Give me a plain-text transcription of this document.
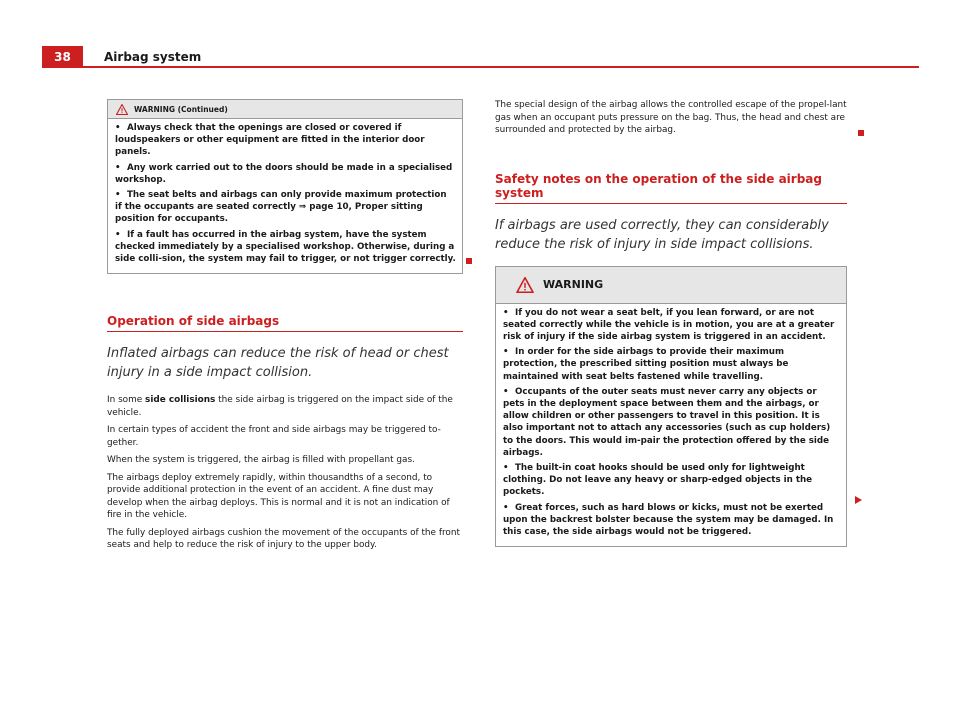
38	Airbag system
WARNING (Continued)

• Always check that the openings are closed or covered if loudspeakers or other equipment are fitted in the interior door panels.

• Any work carried out to the doors should be made in a specialised workshop.

• The seat belts and airbags can only provide maximum protection if the occupants are seated correctly ⇒ page 10, Proper sitting position for occupants.

• If a fault has occurred in the airbag system, have the system checked immediately by a specialised workshop. Otherwise, during a side colli-sion, the system may fail to trigger, or not trigger correctly.

Operation of side airbags

Inflated airbags can reduce the risk of head or chest injury in a side impact collision.

In some side collisions the side airbag is triggered on the impact side of the vehicle.

In certain types of accident the front and side airbags may be triggered to-gether.

When the system is triggered, the airbag is filled with propellant gas.

The airbags deploy extremely rapidly, within thousandths of a second, to provide additional protection in the event of an accident. A fine dust may develop when the airbag deploys. This is normal and it is not an indication of fire in the vehicle.

The fully deployed airbags cushion the movement of the occupants of the front seats and help to reduce the risk of injury to the upper body.

The special design of the airbag allows the controlled escape of the propel-lant gas when an occupant puts pressure on the bag. Thus, the head and chest are surrounded and protected by the airbag.

Safety notes on the operation of the side airbag system

If airbags are used correctly, they can considerably reduce the risk of injury in side impact collisions.

WARNING

• If you do not wear a seat belt, if you lean forward, or are not seated correctly while the vehicle is in motion, you are at a greater risk of injury if the side airbag system is triggered in an accident.

• In order for the side airbags to provide their maximum protection, the prescribed sitting position must always be maintained with seat belts fastened while travelling.

• Occupants of the outer seats must never carry any objects or pets in the deployment space between them and the airbags, or allow children or other passengers to travel in this position. It is also important not to attach any accessories (such as cup holders) to the doors. This would im-pair the protection offered by the side airbags.

• The built-in coat hooks should be used only for lightweight clothing. Do not leave any heavy or sharp-edged objects in the pockets.

• Great forces, such as hard blows or kicks, must not be exerted upon the backrest bolster because the system may be damaged. In this case, the side airbags would not be triggered.
